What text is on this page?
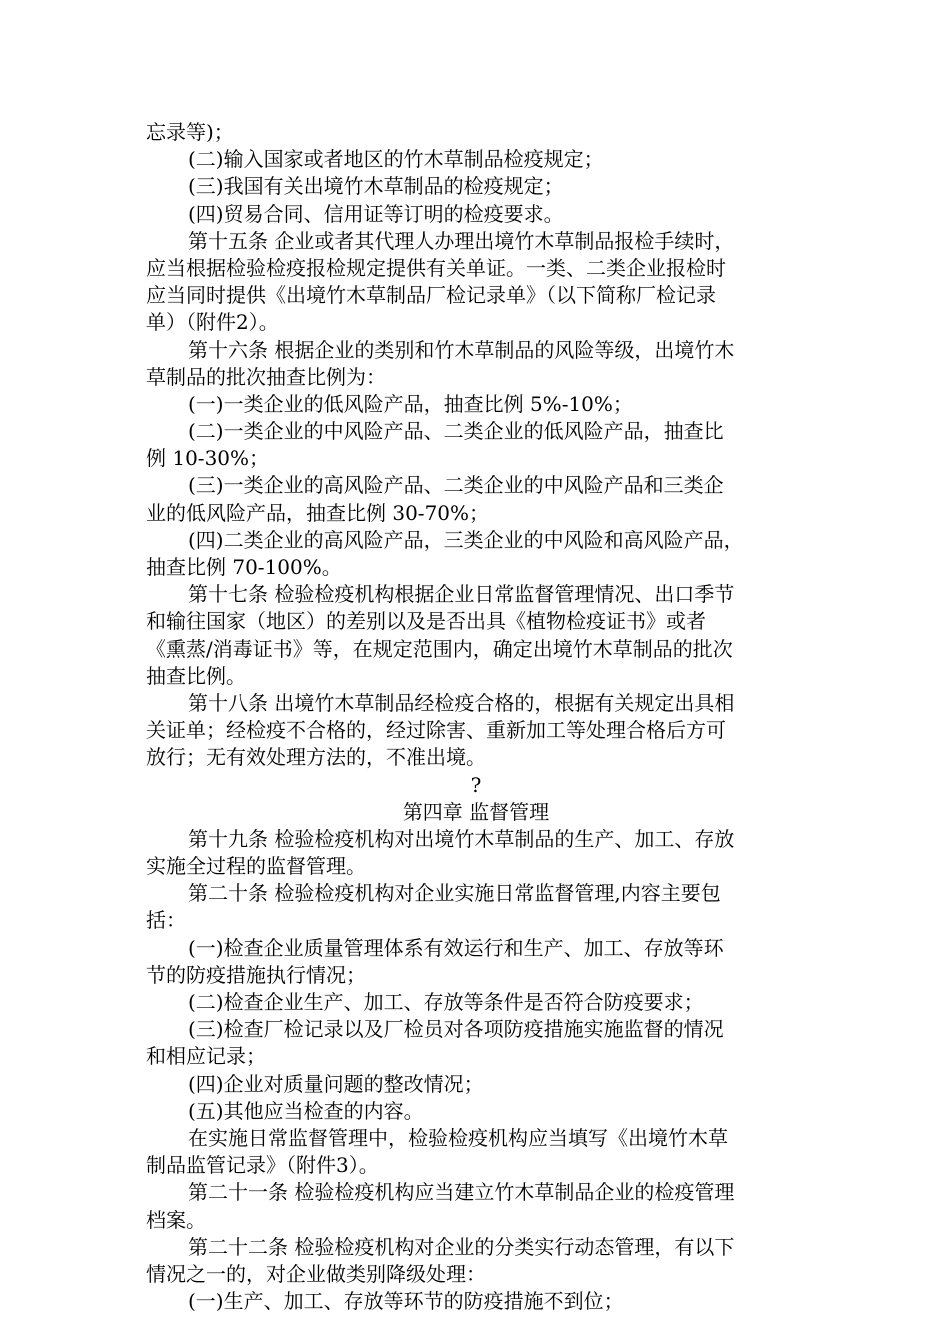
忘录等)；
(二)输入国家或者地区的竹木草制品检疫规定；
(三)我国有关出境竹木草制品的检疫规定；
(四)贸易合同、信用证等订明的检疫要求。
第十五条 企业或者其代理人办理出境竹木草制品报检手续时，
应当根据检验检疫报检规定提供有关单证。一类、二类企业报检时
应当同时提供《出境竹木草制品厂检记录单》（以下简称厂检记录
单）（附件2）。
第十六条 根据企业的类别和竹木草制品的风险等级，出境竹木
草制品的批次抽查比例为：
(一)一类企业的低风险产品，抽查比例 5%-10%；
(二)一类企业的中风险产品、二类企业的低风险产品，抽查比
例 10-30%；
(三)一类企业的高风险产品、二类企业的中风险产品和三类企
业的低风险产品，抽查比例 30-70%；
(四)二类企业的高风险产品，三类企业的中风险和高风险产品，
抽查比例 70-100%。
第十七条 检验检疫机构根据企业日常监督管理情况、出口季节
和输往国家（地区）的差别以及是否出具《植物检疫证书》或者
《熏蒸/消毒证书》等，在规定范围内，确定出境竹木草制品的批次
抽查比例。
第十八条 出境竹木草制品经检疫合格的，根据有关规定出具相
关证单；经检疫不合格的，经过除害、重新加工等处理合格后方可
放行；无有效处理方法的，不准出境。
?
第四章 监督管理
第十九条 检验检疫机构对出境竹木草制品的生产、加工、存放
实施全过程的监督管理。
第二十条 检验检疫机构对企业实施日常监督管理,内容主要包
括：
(一)检查企业质量管理体系有效运行和生产、加工、存放等环
节的防疫措施执行情况；
(二)检查企业生产、加工、存放等条件是否符合防疫要求；
(三)检查厂检记录以及厂检员对各项防疫措施实施监督的情况
和相应记录；
(四)企业对质量问题的整改情况；
(五)其他应当检查的内容。
在实施日常监督管理中，检验检疫机构应当填写《出境竹木草
制品监管记录》（附件3）。
第二十一条 检验检疫机构应当建立竹木草制品企业的检疫管理
档案。
第二十二条 检验检疫机构对企业的分类实行动态管理，有以下
情况之一的，对企业做类别降级处理：
(一)生产、加工、存放等环节的防疫措施不到位；
